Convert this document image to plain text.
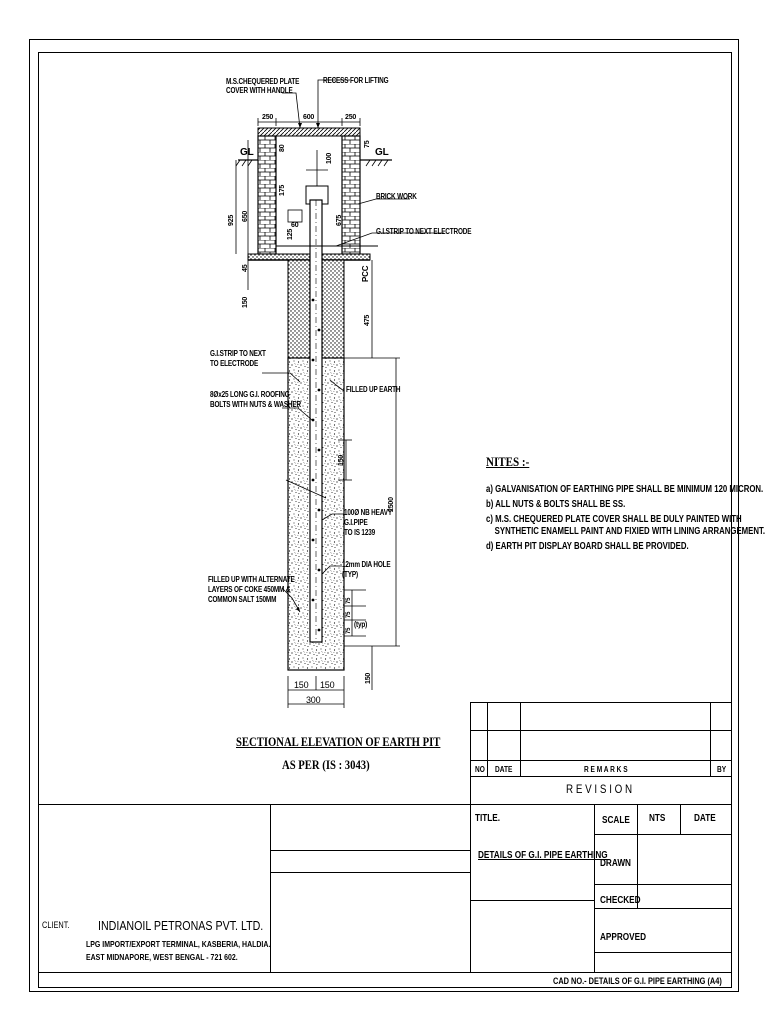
M.S.CHEQUERED PLATE
COVER WITH HANDLE
RECESS FOR LIFTING
BRICK WORK
G.I.STRIP TO NEXT ELECTRODE
G.I.STRIP TO NEXT
TO ELECTRODE
8Øx25 LONG G.I. ROOFING
BOLTS WITH NUTS & WASHER
FILLED UP EARTH
100Ø NB HEAVY
G.I.PIPE
TO IS 1239
12mm DIA HOLE
(TYP)
FILLED UP WITH ALTERNATE
LAYERS OF COKE 450MM &
COMMON SALT 150MM
(typ)
GL	GL
PCC
250	600	250
80
75
100
925 650
175
60
125
675
45
150
475
150
2500
75
75
75
150 150
300
150
SECTIONAL ELEVATION OF EARTH PIT
AS PER (IS : 3043)
NITES :-
a) GALVANISATION OF EARTHING PIPE SHALL BE MINIMUM 120 MICRON.
b) ALL NUTS & BOLTS SHALL BE SS.
c) M.S. CHEQUERED PLATE COVER SHALL BE DULY PAINTED WITH
SYNTHETIC ENAMELL PAINT AND FIXIED WITH LINING ARRANGEMENT.
d) EARTH PIT DISPLAY BOARD SHALL BE PROVIDED.
NO DATE	R E M A R K S	BY
R E V I S I O N
TITLE.
DETAILS OF G.I. PIPE EARTHING
SCALE NTS	DATE
DRAWN
CHECKED
APPROVED
CLIENT. INDIANOIL PETRONAS PVT. LTD.
LPG IMPORT/EXPORT TERMINAL, KASBERIA, HALDIA.
EAST MIDNAPORE, WEST BENGAL - 721 602.
CAD NO.- DETAILS OF G.I. PIPE EARTHING (A4)
